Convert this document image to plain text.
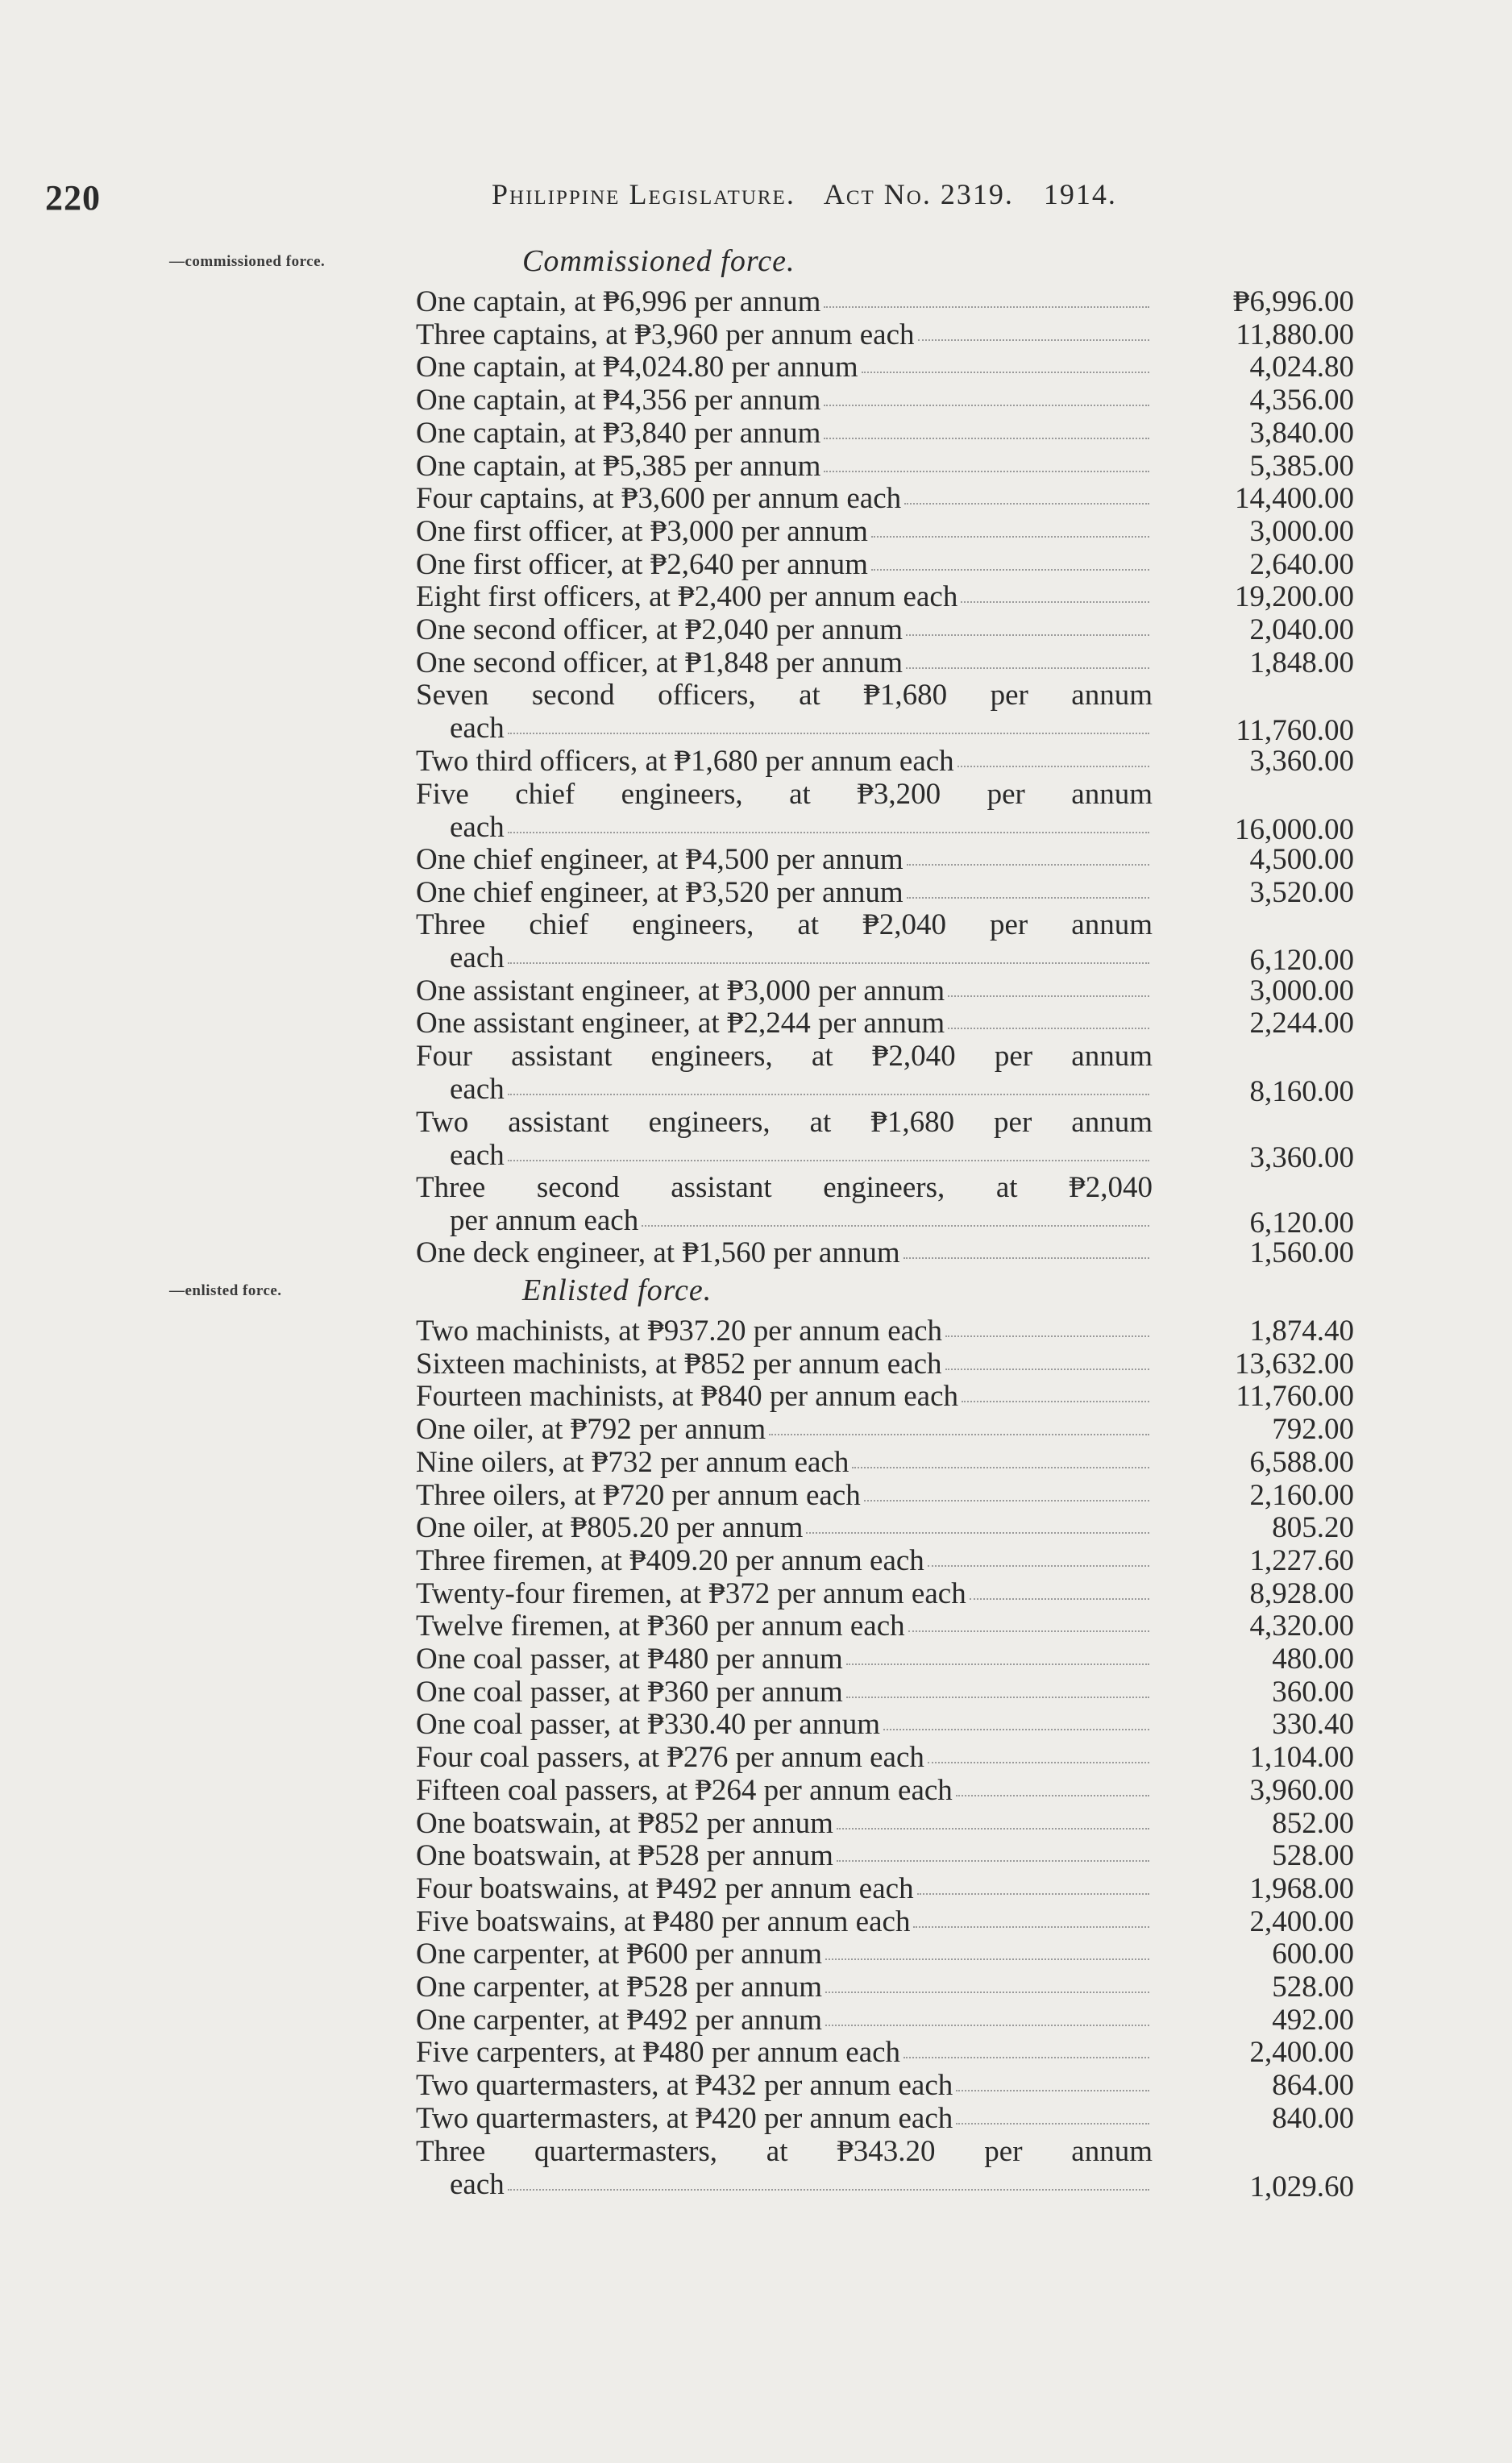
220	Philippine Legislature. Act No. 2319. 1914.
—commissioned force.	Commissioned force.
One captain, at ₱6,996 per annum	₱6,996.00
Three captains, at ₱3,960 per annum each	11,880.00
One captain, at ₱4,024.80 per annum	4,024.80
One captain, at ₱4,356 per annum	4,356.00
One captain, at ₱3,840 per annum	3,840.00
One captain, at ₱5,385 per annum	5,385.00
Four captains, at ₱3,600 per annum each	14,400.00
One first officer, at ₱3,000 per annum	3,000.00
One first officer, at ₱2,640 per annum	2,640.00
Eight first officers, at ₱2,400 per annum each	19,200.00
One second officer, at ₱2,040 per annum	2,040.00
One second officer, at ₱1,848 per annum	1,848.00
Seven second officers, at ₱1,680 per annum
each	11,760.00
Two third officers, at ₱1,680 per annum each	3,360.00
Five chief engineers, at ₱3,200 per annum
each	16,000.00
One chief engineer, at ₱4,500 per annum	4,500.00
One chief engineer, at ₱3,520 per annum	3,520.00
Three chief engineers, at ₱2,040 per annum
each	6,120.00
One assistant engineer, at ₱3,000 per annum	3,000.00
One assistant engineer, at ₱2,244 per annum	2,244.00
Four assistant engineers, at ₱2,040 per annum
each	8,160.00
Two assistant engineers, at ₱1,680 per annum
each	3,360.00
Three second assistant engineers, at ₱2,040
per annum each	6,120.00
One deck engineer, at ₱1,560 per annum	1,560.00
—enlisted force.	Enlisted force.
Two machinists, at ₱937.20 per annum each	1,874.40
Sixteen machinists, at ₱852 per annum each	13,632.00
Fourteen machinists, at ₱840 per annum each	11,760.00
One oiler, at ₱792 per annum	792.00
Nine oilers, at ₱732 per annum each	6,588.00
Three oilers, at ₱720 per annum each	2,160.00
One oiler, at ₱805.20 per annum	805.20
Three firemen, at ₱409.20 per annum each	1,227.60
Twenty-four firemen, at ₱372 per annum each	8,928.00
Twelve firemen, at ₱360 per annum each	4,320.00
One coal passer, at ₱480 per annum	480.00
One coal passer, at ₱360 per annum	360.00
One coal passer, at ₱330.40 per annum	330.40
Four coal passers, at ₱276 per annum each	1,104.00
Fifteen coal passers, at ₱264 per annum each	3,960.00
One boatswain, at ₱852 per annum	852.00
One boatswain, at ₱528 per annum	528.00
Four boatswains, at ₱492 per annum each	1,968.00
Five boatswains, at ₱480 per annum each	2,400.00
One carpenter, at ₱600 per annum	600.00
One carpenter, at ₱528 per annum	528.00
One carpenter, at ₱492 per annum	492.00
Five carpenters, at ₱480 per annum each	2,400.00
Two quartermasters, at ₱432 per annum each	864.00
Two quartermasters, at ₱420 per annum each	840.00
Three quartermasters, at ₱343.20 per annum
each	1,029.60
